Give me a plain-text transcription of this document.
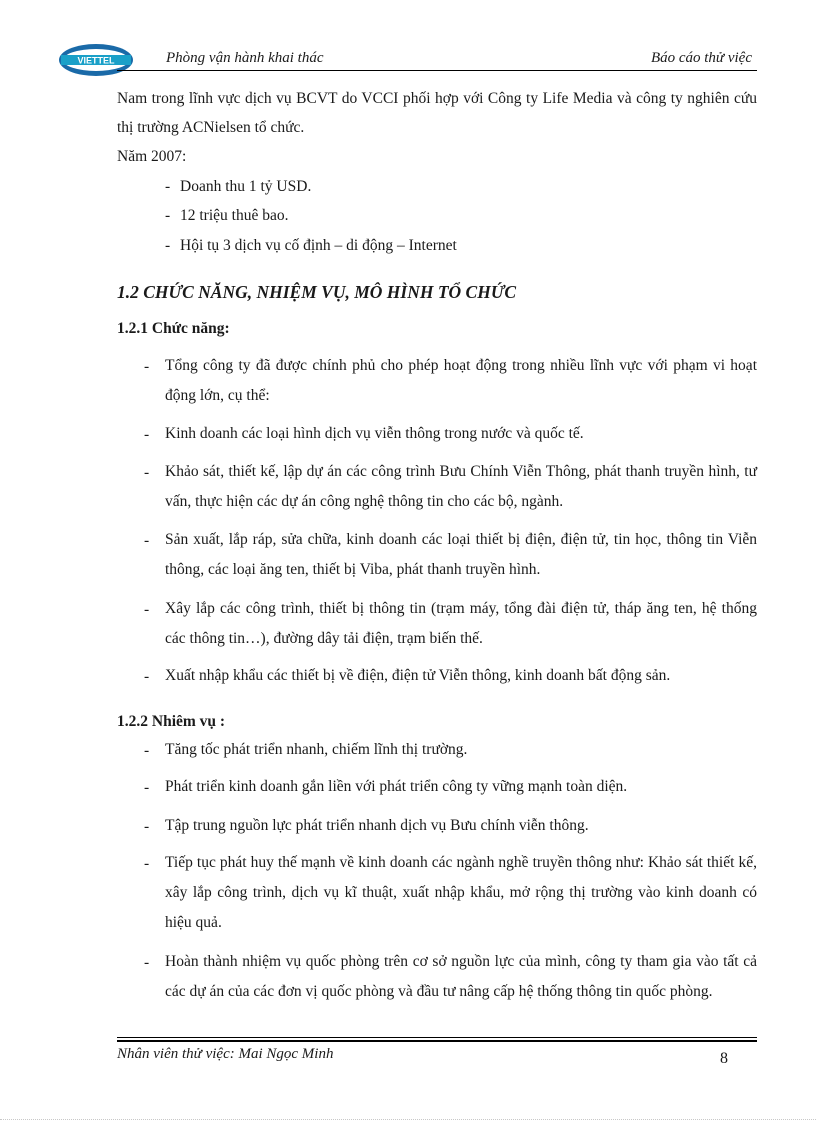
VIETTEL	Phòng vận hành khai thác	Báo cáo thử việc
Nam trong lĩnh vực dịch vụ BCVT do VCCI phối hợp với Công ty Life Media và công ty nghiên cứu thị trường ACNielsen tổ chức.
Năm 2007:
- Doanh thu 1 tỷ USD.
- 12 triệu thuê bao.
- Hội tụ 3 dịch vụ cố định – di động – Internet
1.2 CHỨC NĂNG, NHIỆM VỤ, MÔ HÌNH TỔ CHỨC
1.2.1 Chức năng:
- Tổng công ty đã được chính phủ cho phép hoạt động trong nhiều lĩnh vực với phạm vi hoạt động lớn, cụ thể:
- Kinh doanh các loại hình dịch vụ viễn thông trong nước và quốc tế.
- Khảo sát, thiết kế, lập dự án các công trình Bưu Chính Viễn Thông, phát thanh truyền hình, tư vấn, thực hiện các dự án công nghệ thông tin cho các bộ, ngành.
- Sản xuất, lắp ráp, sửa chữa, kinh doanh các loại thiết bị điện, điện tử, tin học, thông tin Viễn thông, các loại ăng ten, thiết bị Viba, phát thanh truyền hình.
- Xây lắp các công trình, thiết bị thông tin (trạm máy, tổng đài điện tử, tháp ăng ten, hệ thống các thông tin…), đường dây tải điện, trạm biến thế.
- Xuất nhập khẩu các thiết bị về điện, điện tử Viễn thông, kinh doanh bất động sản.
1.2.2 Nhiêm vụ :
- Tăng tốc phát triển nhanh, chiếm lĩnh thị trường.
- Phát triển kinh doanh gắn liền với phát triển công ty vững mạnh toàn diện.
- Tập trung nguồn lực phát triển nhanh dịch vụ Bưu chính viễn thông.
- Tiếp tục phát huy thế mạnh về kinh doanh các ngành nghề truyền thông như: Khảo sát thiết kế, xây lắp công trình, dịch vụ kĩ thuật, xuất nhập khẩu, mở rộng thị trường vào kinh doanh có hiệu quả.
- Hoàn thành nhiệm vụ quốc phòng trên cơ sở nguồn lực của mình, công ty tham gia vào tất cả các dự án của các đơn vị quốc phòng và đầu tư nâng cấp hệ thống thông tin quốc phòng.
Nhân viên thử việc: Mai Ngọc Minh	8
